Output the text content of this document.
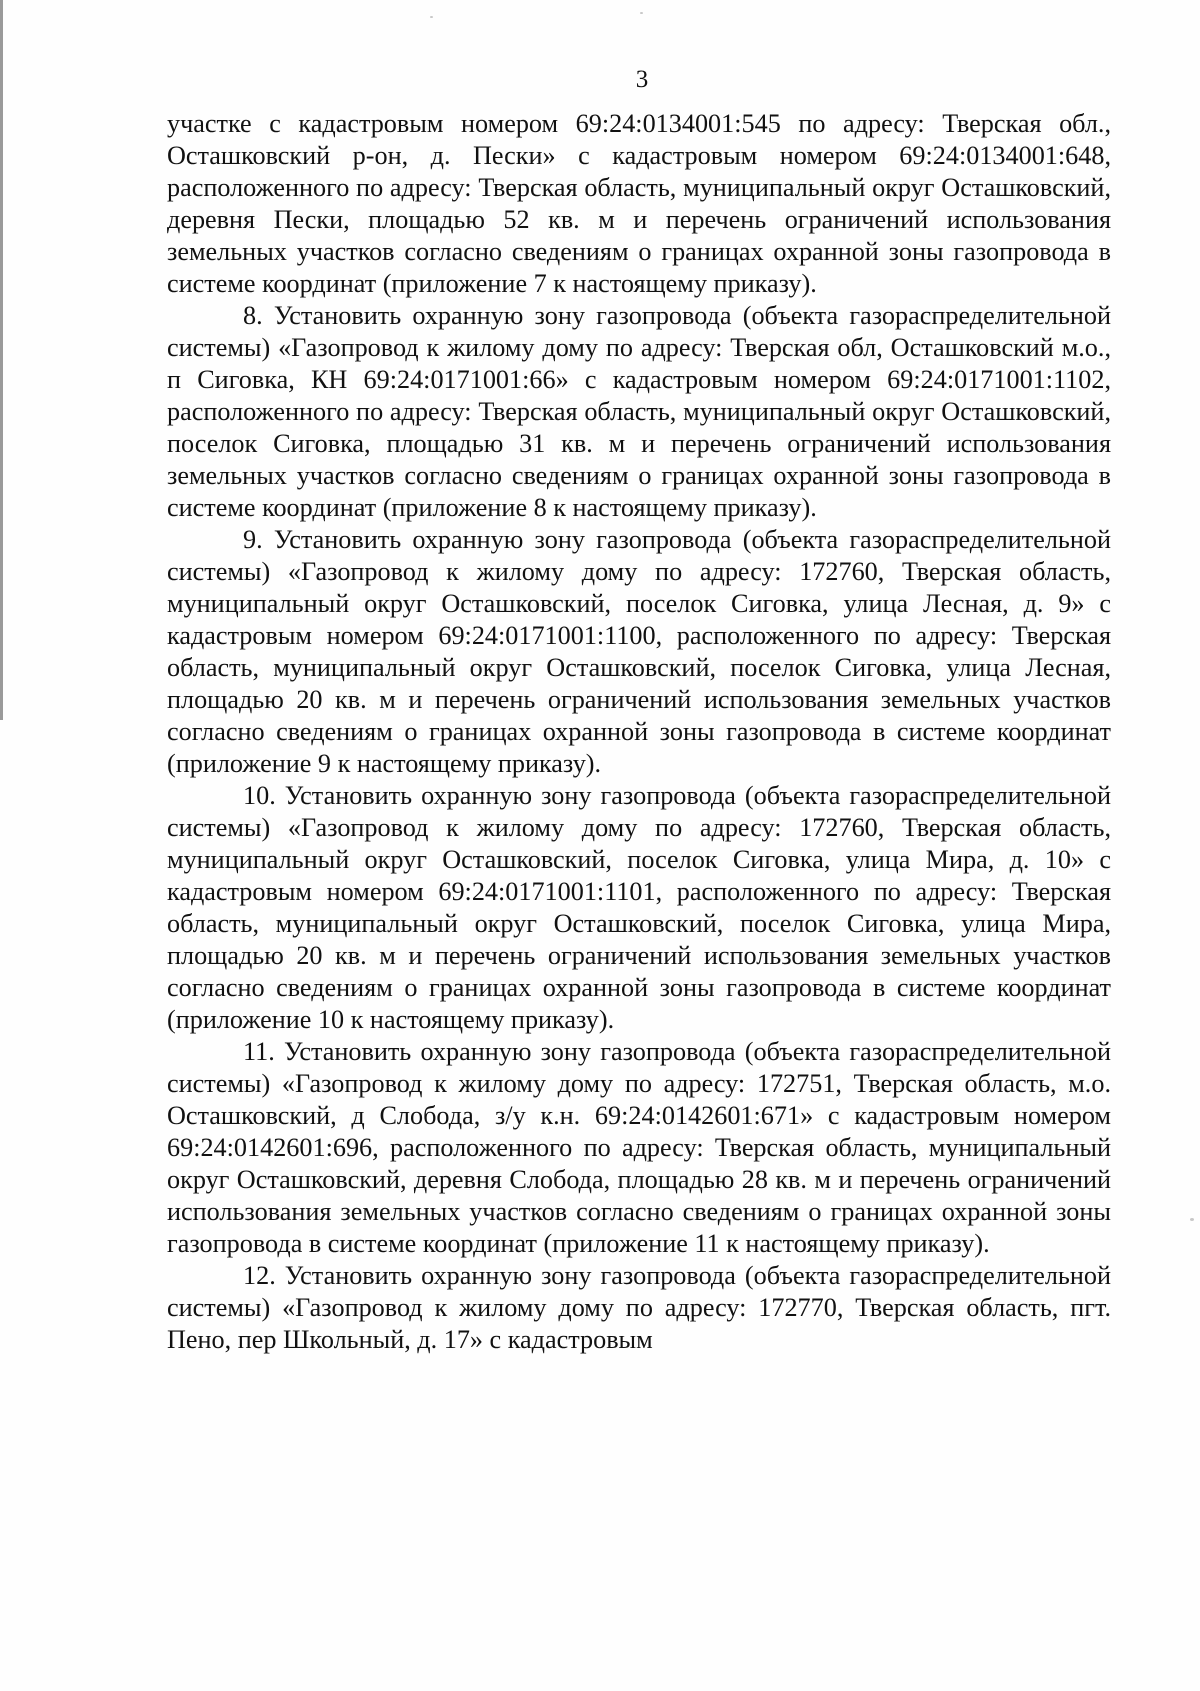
3

участке с кадастровым номером 69:24:0134001:545 по адресу: Тверская обл., Осташковский р-он, д. Пески» с кадастровым номером 69:24:0134001:648, расположенного по адресу: Тверская область, муниципальный округ Осташковский, деревня Пески, площадью 52 кв. м и перечень ограничений использования земельных участков согласно сведениям о границах охранной зоны газопровода в системе координат (приложение 7 к настоящему приказу).

8. Установить охранную зону газопровода (объекта газораспределительной системы) «Газопровод к жилому дому по адресу: Тверская обл, Осташковский м.о., п Сиговка, КН 69:24:0171001:66» с кадастровым номером 69:24:0171001:1102, расположенного по адресу: Тверская область, муниципальный округ Осташковский, поселок Сиговка, площадью 31 кв. м и перечень ограничений использования земельных участков согласно сведениям о границах охранной зоны газопровода в системе координат (приложение 8 к настоящему приказу).

9. Установить охранную зону газопровода (объекта газораспределительной системы) «Газопровод к жилому дому по адресу: 172760, Тверская область, муниципальный округ Осташковский, поселок Сиговка, улица Лесная, д. 9» с кадастровым номером 69:24:0171001:1100, расположенного по адресу: Тверская область, муниципальный округ Осташковский, поселок Сиговка, улица Лесная, площадью 20 кв. м и перечень ограничений использования земельных участков согласно сведениям о границах охранной зоны газопровода в системе координат (приложение 9 к настоящему приказу).

10. Установить охранную зону газопровода (объекта газораспределительной системы) «Газопровод к жилому дому по адресу: 172760, Тверская область, муниципальный округ Осташковский, поселок Сиговка, улица Мира, д. 10» с кадастровым номером 69:24:0171001:1101, расположенного по адресу: Тверская область, муниципальный округ Осташковский, поселок Сиговка, улица Мира, площадью 20 кв. м и перечень ограничений использования земельных участков согласно сведениям о границах охранной зоны газопровода в системе координат (приложение 10 к настоящему приказу).

11. Установить охранную зону газопровода (объекта газораспределительной системы) «Газопровод к жилому дому по адресу: 172751, Тверская область, м.о. Осташковский, д Слобода, з/у к.н. 69:24:0142601:671» с кадастровым номером 69:24:0142601:696, расположенного по адресу: Тверская область, муниципальный округ Осташковский, деревня Слобода, площадью 28 кв. м и перечень ограничений использования земельных участков согласно сведениям о границах охранной зоны газопровода в системе координат (приложение 11 к настоящему приказу).

12. Установить охранную зону газопровода (объекта газораспределительной системы) «Газопровод к жилому дому по адресу: 172770, Тверская область, пгт. Пено, пер Школьный, д. 17» с кадастровым
